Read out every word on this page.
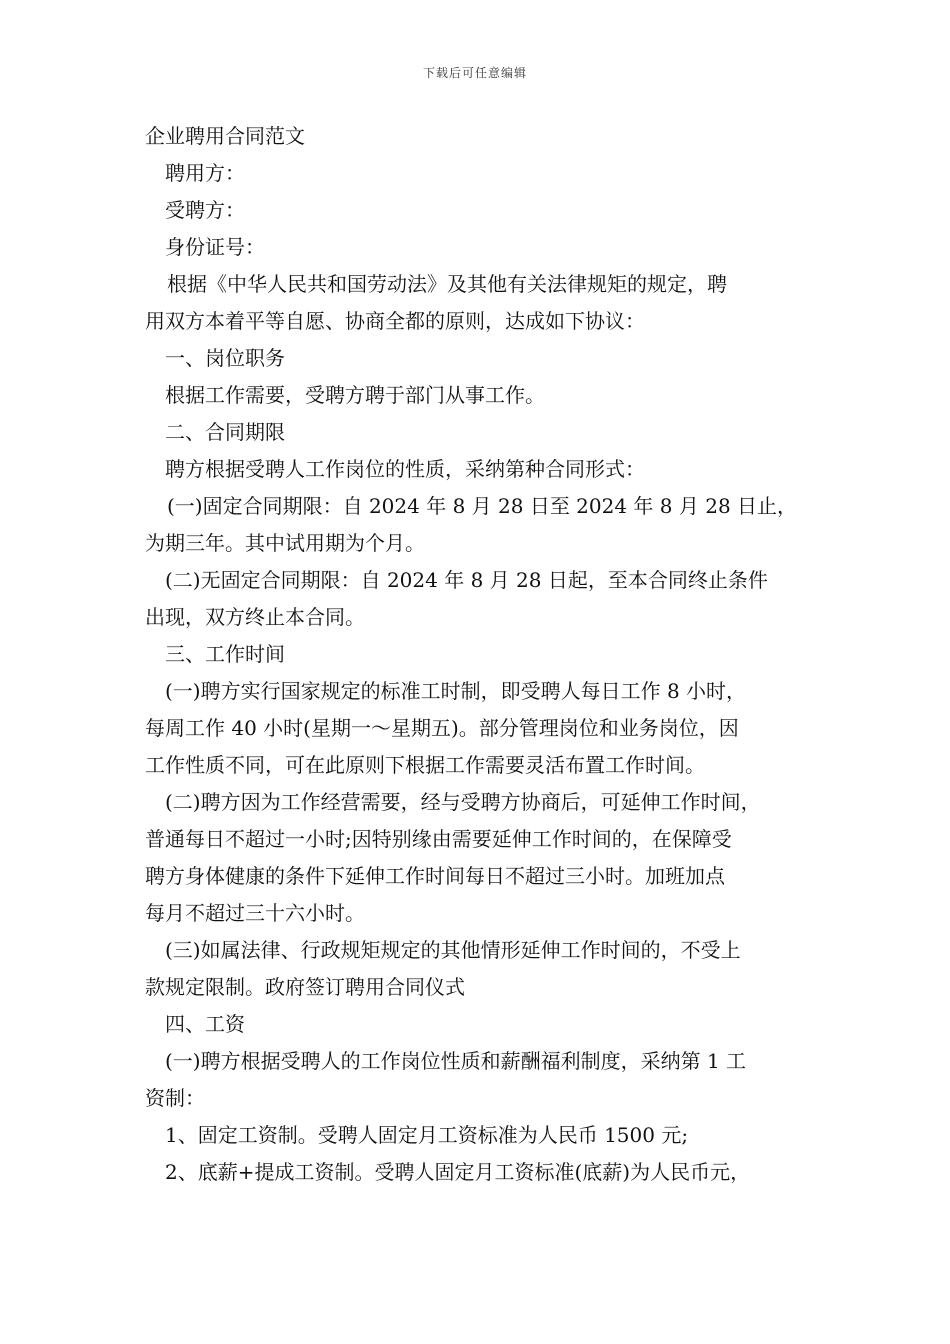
下载后可任意编辑
企业聘用合同范文
聘用方：
受聘方：
身份证号：
根据《中华人民共和国劳动法》及其他有关法律规矩的规定，聘
用双方本着平等自愿、协商全都的原则，达成如下协议：
一、岗位职务
根据工作需要，受聘方聘于部门从事工作。
二、合同期限
聘方根据受聘人工作岗位的性质，采纳第种合同形式：
(一)固定合同期限：自 2024 年 8 月 28 日至 2024 年 8 月 28 日止，
为期三年。其中试用期为个月。
(二)无固定合同期限：自 2024 年 8 月 28 日起，至本合同终止条件
出现，双方终止本合同。
三、工作时间
(一)聘方实行国家规定的标准工时制，即受聘人每日工作 8 小时，
每周工作 40 小时(星期一～星期五)。部分管理岗位和业务岗位，因
工作性质不同，可在此原则下根据工作需要灵活布置工作时间。
(二)聘方因为工作经营需要，经与受聘方协商后，可延伸工作时间，
普通每日不超过一小时;因特别缘由需要延伸工作时间的，在保障受
聘方身体健康的条件下延伸工作时间每日不超过三小时。加班加点
每月不超过三十六小时。
(三)如属法律、行政规矩规定的其他情形延伸工作时间的，不受上
款规定限制。政府签订聘用合同仪式
四、工资
(一)聘方根据受聘人的工作岗位性质和薪酬福利制度，采纳第 1 工
资制：
1、固定工资制。受聘人固定月工资标准为人民币 1500 元;
2、底薪+提成工资制。受聘人固定月工资标准(底薪)为人民币元，
